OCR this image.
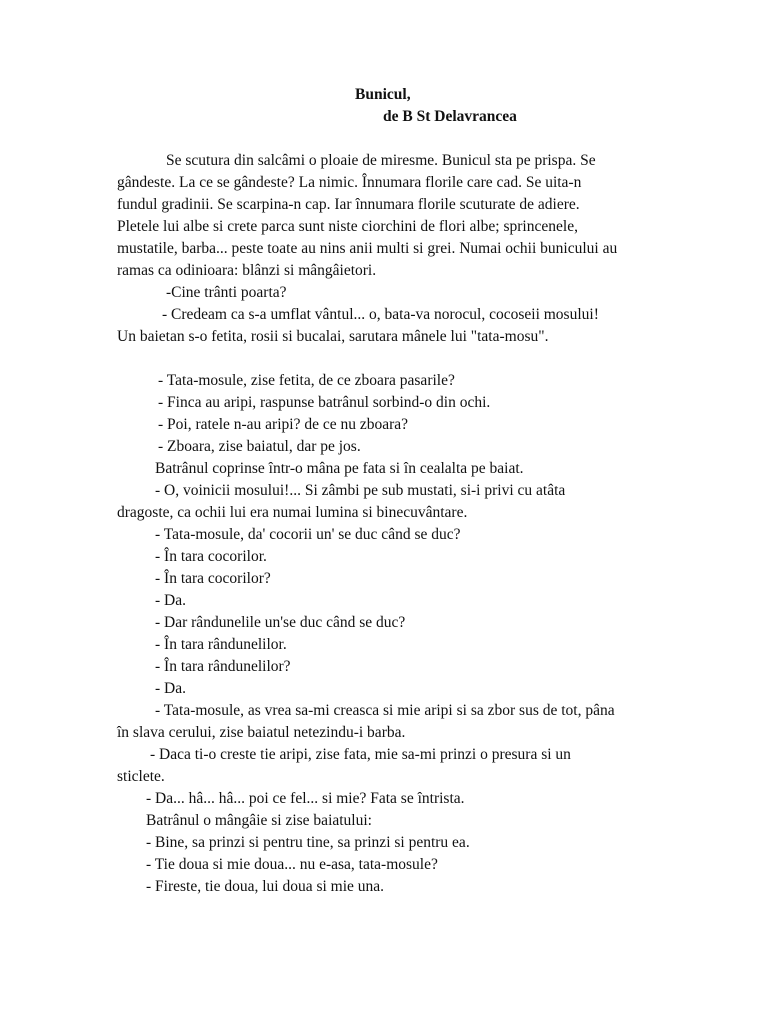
Bunicul,
de B St Delavrancea
Se scutura din salcâmi o ploaie de miresme. Bunicul sta pe prispa. Se
gândeste. La ce se gândeste? La nimic. Înnumara florile care cad. Se uita-n
fundul gradinii. Se scarpina-n cap. Iar înnumara florile scuturate de adiere.
Pletele lui albe si crete parca sunt niste ciorchini de flori albe; sprincenele,
mustatile, barba... peste toate au nins anii multi si grei. Numai ochii bunicului au
ramas ca odinioara: blânzi si mângâietori.
-Cine trânti poarta?
- Credeam ca s-a umflat vântul... o, bata-va norocul, cocoseii mosului!
Un baietan s-o fetita, rosii si bucalai, sarutara mânele lui "tata-mosu".
- Tata-mosule, zise fetita, de ce zboara pasarile?
- Finca au aripi, raspunse batrânul sorbind-o din ochi.
- Poi, ratele n-au aripi? de ce nu zboara?
- Zboara, zise baiatul, dar pe jos.
Batrânul coprinse într-o mâna pe fata si în cealalta pe baiat.
- O, voinicii mosului!... Si zâmbi pe sub mustati, si-i privi cu atâta
dragoste, ca ochii lui era numai lumina si binecuvântare.
- Tata-mosule, da' cocorii un' se duc când se duc?
- În tara cocorilor.
- În tara cocorilor?
- Da.
- Dar rândunelile un'se duc când se duc?
- În tara rândunelilor.
- În tara rândunelilor?
- Da.
- Tata-mosule, as vrea sa-mi creasca si mie aripi si sa zbor sus de tot, pâna
în slava cerului, zise baiatul netezindu-i barba.
- Daca ti-o creste tie aripi, zise fata, mie sa-mi prinzi o presura si un
sticlete.
- Da... hâ... hâ... poi ce fel... si mie? Fata se întrista.
Batrânul o mângâie si zise baiatului:
- Bine, sa prinzi si pentru tine, sa prinzi si pentru ea.
- Tie doua si mie doua... nu e-asa, tata-mosule?
- Fireste, tie doua, lui doua si mie una.
